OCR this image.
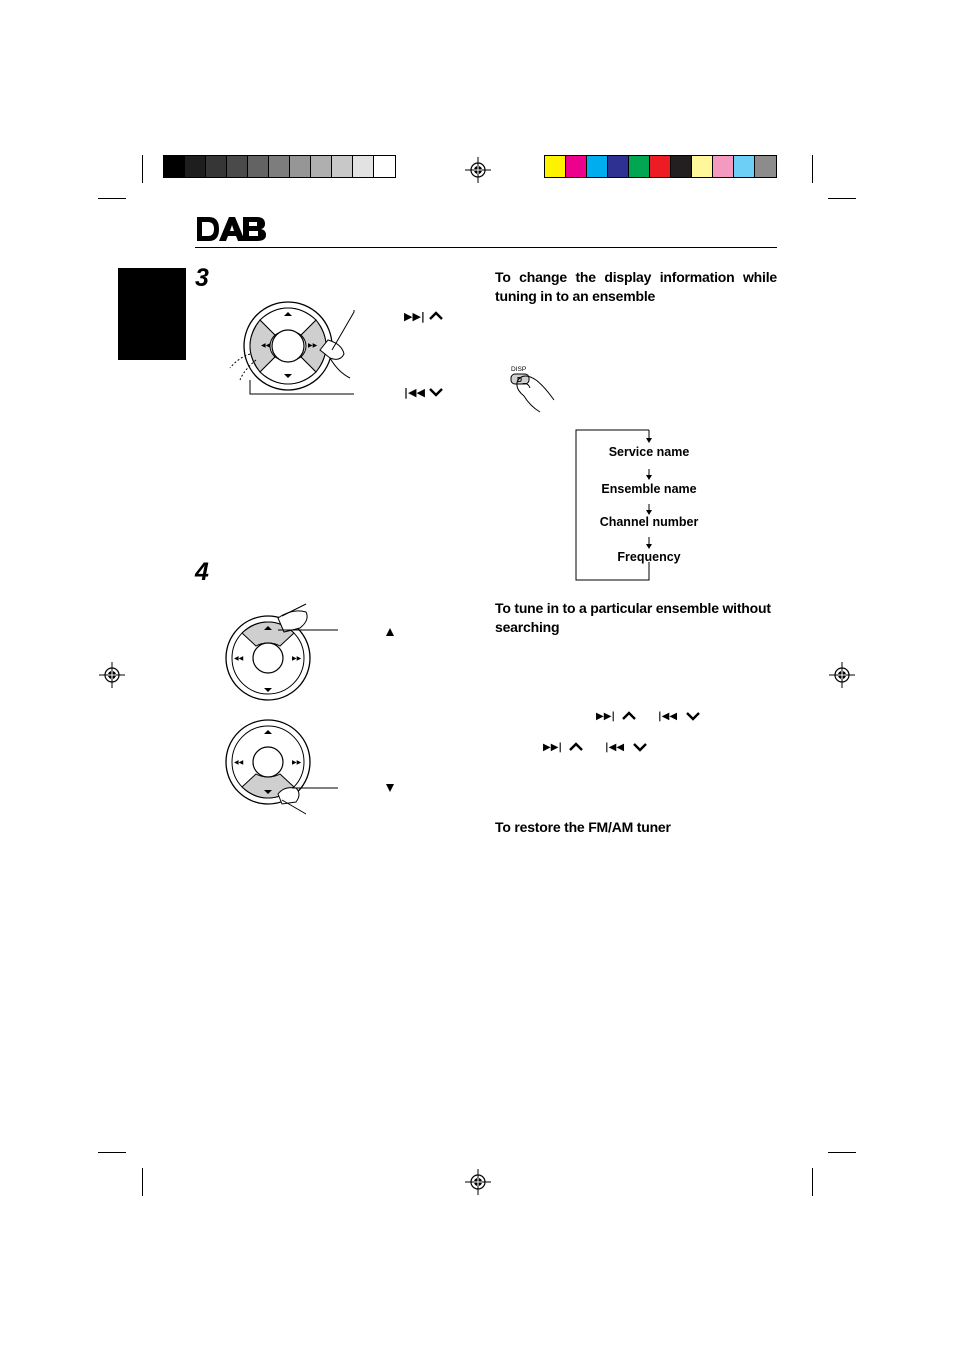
3
4
◀◀	▶▶
▶▶|
|◀◀
◀◀	▶▶
◀◀	▶▶
To change the display information while tuning in to an ensemble
DISP
D
Service name
Ensemble name
Channel number
Frequency
To tune in to a particular ensemble without searching
▶▶|	|◀◀
▶▶|	|◀◀
To restore the FM/AM tuner
